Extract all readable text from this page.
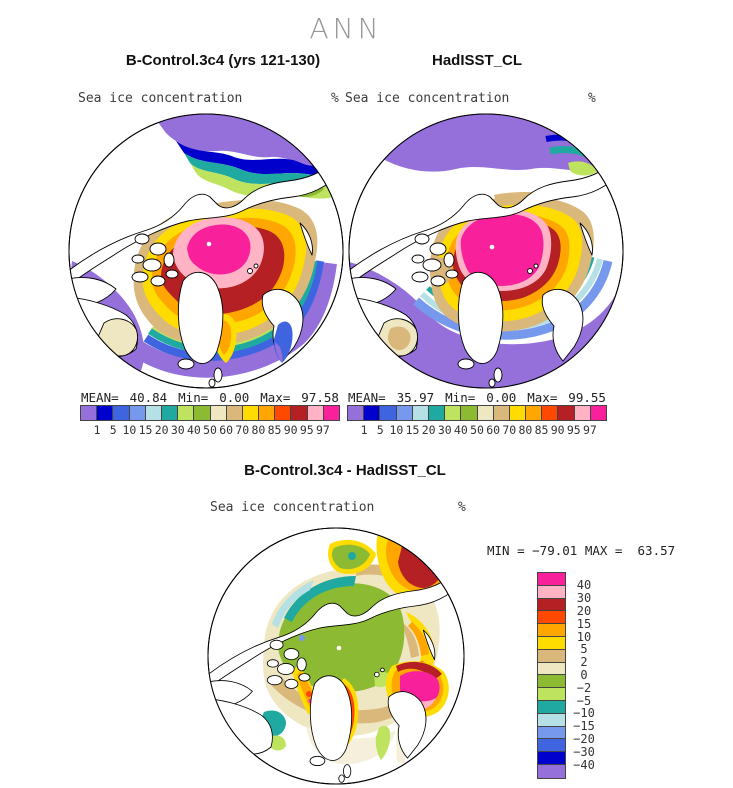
ANN
B-Control.3c4 (yrs 121-130)
Sea ice concentration	%
HadISST_CL
Sea ice concentration	%
MEAN= 40.84 Min= 0.00 Max= 97.58
1 5 10 15 20 30 40 50 60 70 80 85 90 95 97
MEAN= 35.97 Min= 0.00 Max= 99.55
1 5 10 15 20 30 40 50 60 70 80 85 90 95 97
B-Control.3c4 - HadISST_CL
Sea ice concentration	%
MIN = −79.01 MAX =  63.57
40
30
20
15
10
5
2
0
−2
−5
−10
−15
−20
−30
−40
